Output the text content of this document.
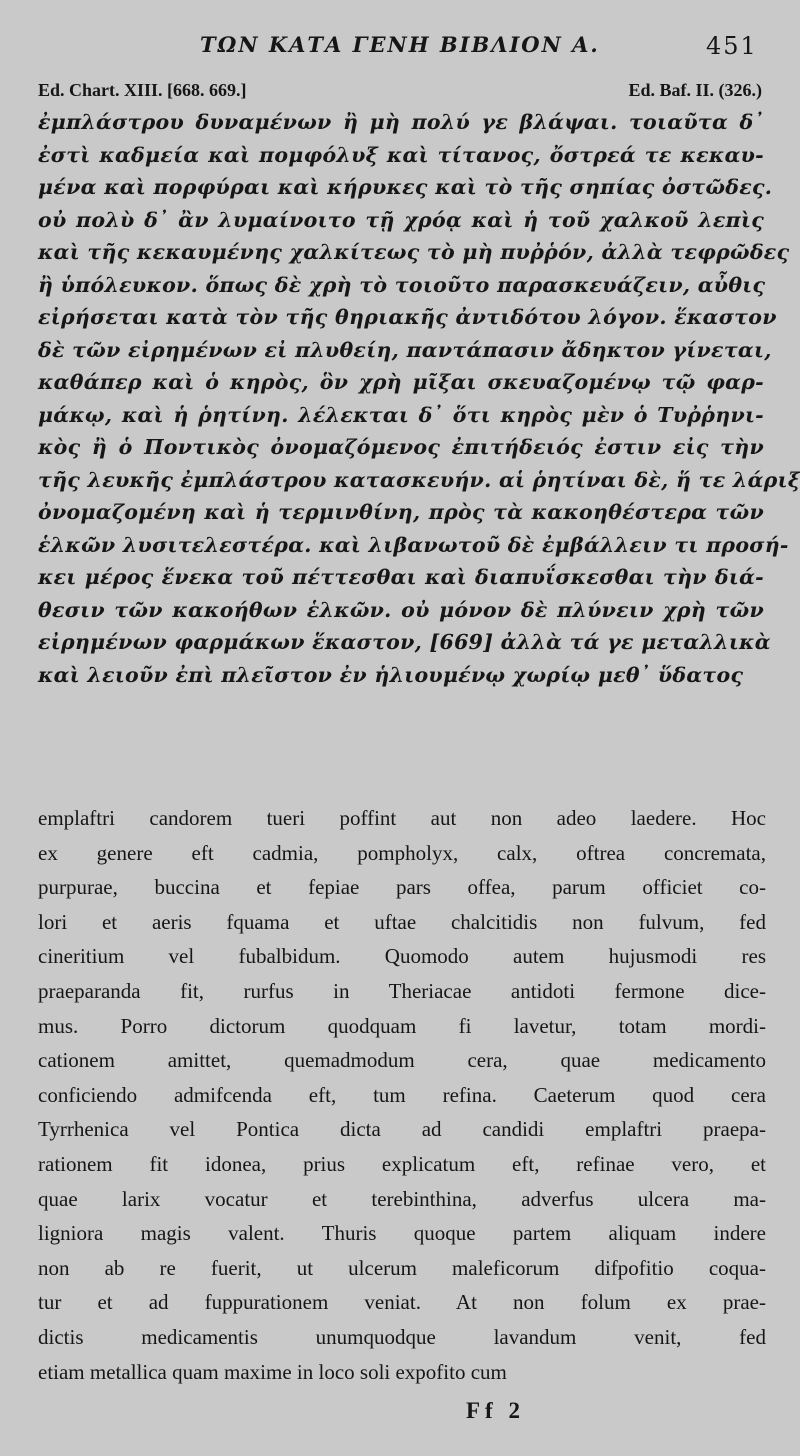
ΤΩΝ ΚΑΤΑ ΓΕΝΗ ΒΙΒΛΙΟΝ Α.	451
Ed. Chart. XIII. [668. 669.]	Ed. Baf. II. (326.)
ἐμπλάστρου δυναμένων ἢ μὴ πολύ γε βλάψαι. τοιαῦτα δ᾽
ἐστὶ καδμεία καὶ πομφόλυξ καὶ τίτανος, ὄστρεά τε κεκαυ-
μένα καὶ πορφύραι καὶ κήρυκες καὶ τὸ τῆς σηπίας ὀστῶδες.
οὐ πολὺ δ᾽ ἂν λυμαίνοιτο τῇ χρόᾳ καὶ ἡ τοῦ χαλκοῦ λεπὶς
καὶ τῆς κεκαυμένης χαλκίτεως τὸ μὴ πυῤῥόν, ἀλλὰ τεφρῶδες
ἢ ὑπόλευκον. ὅπως δὲ χρὴ τὸ τοιοῦτο παρασκευάζειν, αὖθις
εἰρήσεται κατὰ τὸν τῆς θηριακῆς ἀντιδότου λόγον. ἕκαστον
δὲ τῶν εἰρημένων εἰ πλυθείη, παντάπασιν ἄδηκτον γίνεται,
καθάπερ καὶ ὁ κηρὸς, ὃν χρὴ μῖξαι σκευαζομένῳ τῷ φαρ-
μάκῳ, καὶ ἡ ῥητίνη. λέλεκται δ᾽ ὅτι κηρὸς μὲν ὁ Τυῤῥηνι-
κὸς ἢ ὁ Ποντικὸς ὀνομαζόμενος ἐπιτήδειός ἐστιν εἰς τὴν
τῆς λευκῆς ἐμπλάστρου κατασκευήν. αἱ ῥητίναι δὲ, ἥ τε λάριξ
ὀνομαζομένη καὶ ἡ τερμινθίνη, πρὸς τὰ κακοηθέστερα τῶν
ἑλκῶν λυσιτελεστέρα. καὶ λιβανωτοῦ δὲ ἐμβάλλειν τι προσή-
κει μέρος ἕνεκα τοῦ πέττεσθαι καὶ διαπυΐσκεσθαι τὴν διά-
θεσιν τῶν κακοήθων ἑλκῶν. οὐ μόνον δὲ πλύνειν χρὴ τῶν
εἰρημένων φαρμάκων ἕκαστον, [669] ἀλλὰ τά γε μεταλλικὰ
καὶ λειοῦν ἐπὶ πλεῖστον ἐν ἡλιουμένῳ χωρίῳ μεθ᾽ ὕδατος
emplaftri candorem tueri poffint aut non adeo laedere. Hoc
ex genere eft cadmia, pompholyx, calx, oftrea concremata,
purpurae, buccina et fepiae pars offea, parum officiet co-
lori et aeris fquama et uftae chalcitidis non fulvum, fed
cineritium vel fubalbidum. Quomodo autem hujusmodi res
praeparanda fit, rurfus in Theriacae antidoti fermone dice-
mus. Porro dictorum quodquam fi lavetur, totam mordi-
cationem amittet, quemadmodum cera, quae medicamento
conficiendo admifcenda eft, tum refina. Caeterum quod cera
Tyrrhenica vel Pontica dicta ad candidi emplaftri praepa-
rationem fit idonea, prius explicatum eft, refinae vero, et
quae larix vocatur et terebinthina, adverfus ulcera ma-
ligniora magis valent. Thuris quoque partem aliquam indere
non ab re fuerit, ut ulcerum maleficorum difpofitio coqua-
tur et ad fuppurationem veniat. At non folum ex prae-
dictis medicamentis unumquodque lavandum venit, fed
etiam metallica quam maxime in loco soli expofito cum
Ff 2
